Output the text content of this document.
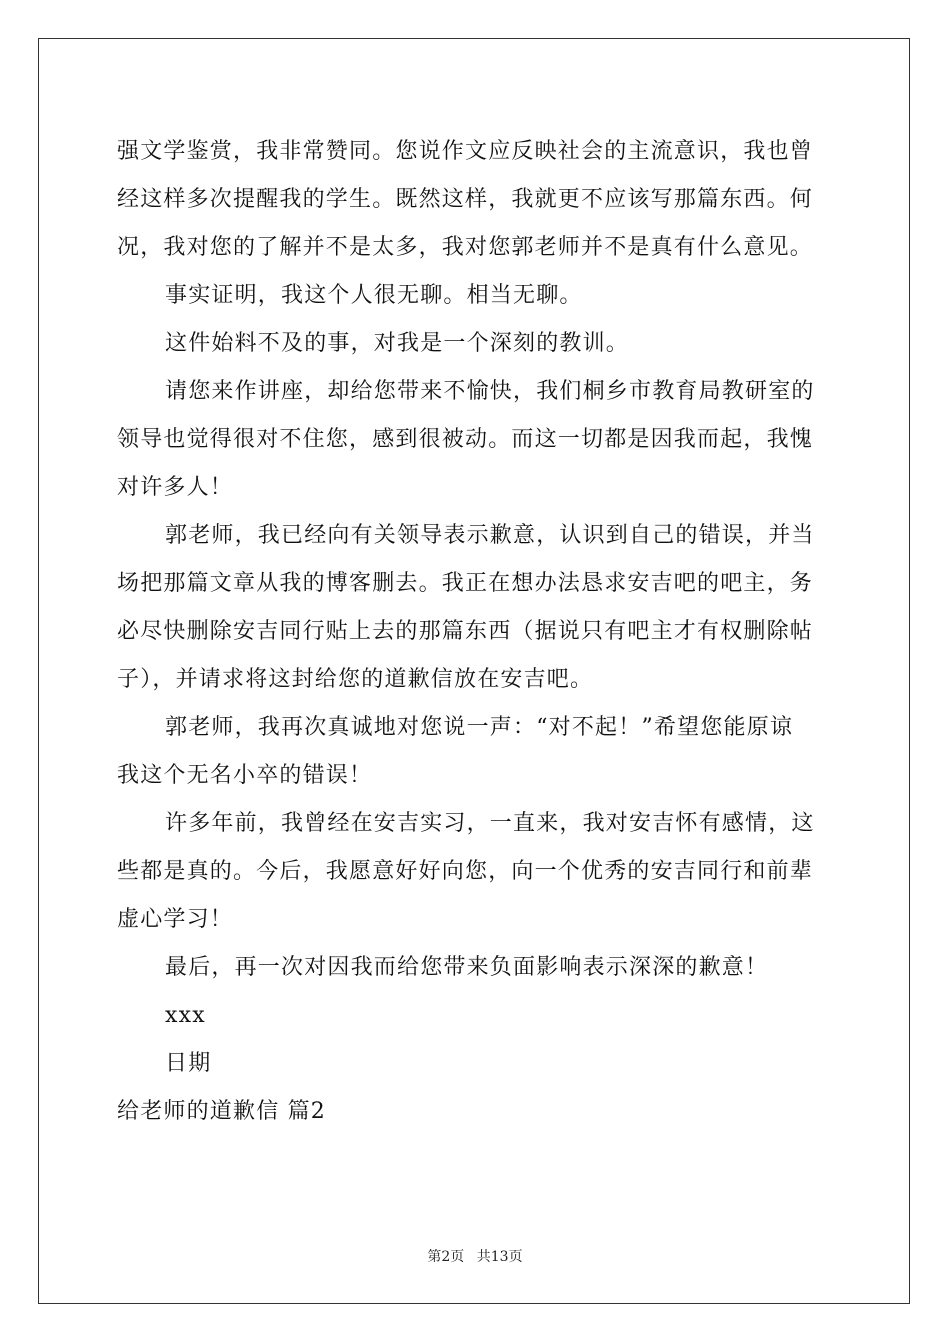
强文学鉴赏，我非常赞同。您说作文应反映社会的主流意识，我也曾
经这样多次提醒我的学生。既然这样，我就更不应该写那篇东西。何
况，我对您的了解并不是太多，我对您郭老师并不是真有什么意见。
事实证明，我这个人很无聊。相当无聊。
这件始料不及的事，对我是一个深刻的教训。
请您来作讲座，却给您带来不愉快，我们桐乡市教育局教研室的
领导也觉得很对不住您，感到很被动。而这一切都是因我而起，我愧
对许多人！
郭老师，我已经向有关领导表示歉意，认识到自己的错误，并当
场把那篇文章从我的博客删去。我正在想办法恳求安吉吧的吧主，务
必尽快删除安吉同行贴上去的那篇东西（据说只有吧主才有权删除帖
子），并请求将这封给您的道歉信放在安吉吧。
郭老师，我再次真诚地对您说一声：“对不起！”希望您能原谅
我这个无名小卒的错误！
许多年前，我曾经在安吉实习，一直来，我对安吉怀有感情，这
些都是真的。今后，我愿意好好向您，向一个优秀的安吉同行和前辈
虚心学习！
最后，再一次对因我而给您带来负面影响表示深深的歉意！
xxx
日期
给老师的道歉信 篇2
第2页 共13页
